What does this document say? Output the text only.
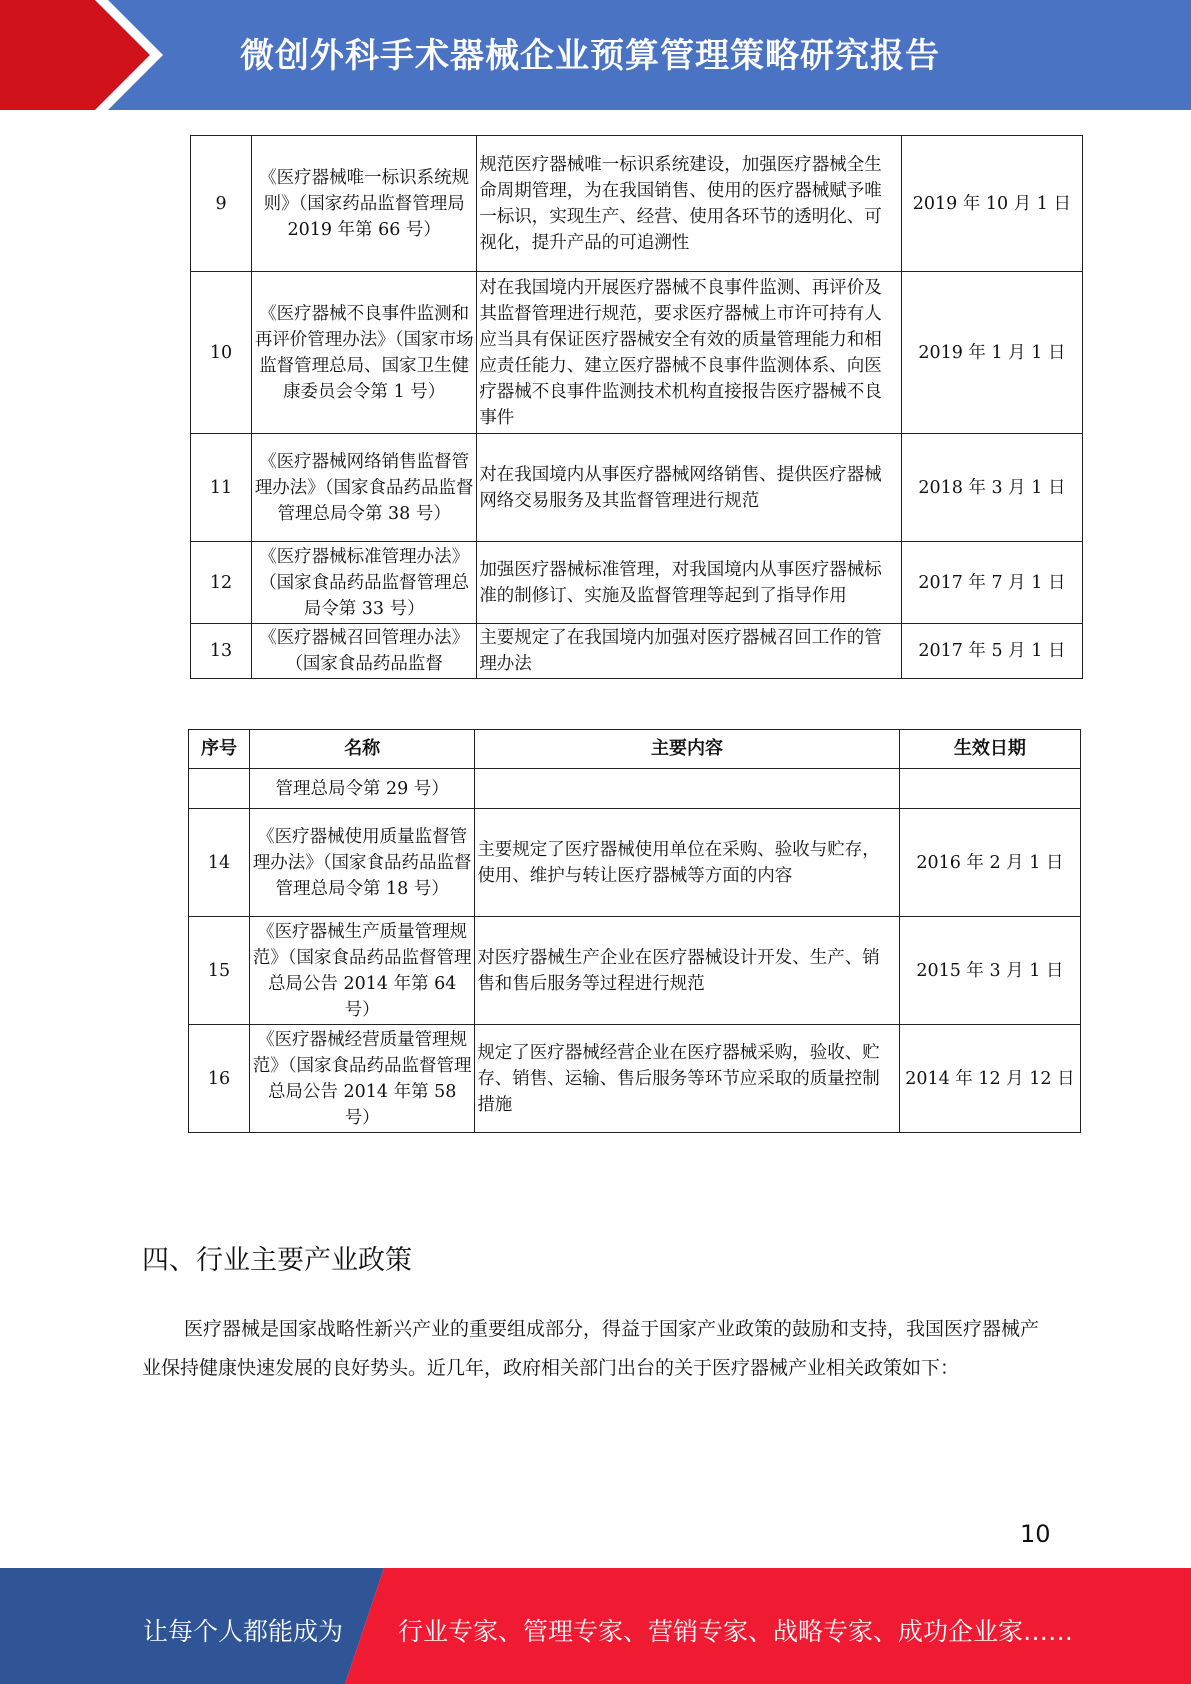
微创外科手术器械企业预算管理策略研究报告
9	《医疗器械唯一标识系统规则》（国家药品监督管理局 2019 年第 66 号）	规范医疗器械唯一标识系统建设，加强医疗器械全生命周期管理，为在我国销售、使用的医疗器械赋予唯一标识，实现生产、经营、使用各环节的透明化、可视化，提升产品的可追溯性	2019 年 10 月 1 日
10	《医疗器械不良事件监测和再评价管理办法》（国家市场监督管理总局、国家卫生健康委员会令第 1 号）	对在我国境内开展医疗器械不良事件监测、再评价及其监督管理进行规范，要求医疗器械上市许可持有人应当具有保证医疗器械安全有效的质量管理能力和相应责任能力、建立医疗器械不良事件监测体系、向医疗器械不良事件监测技术机构直接报告医疗器械不良事件	2019 年 1 月 1 日
11	《医疗器械网络销售监督管理办法》（国家食品药品监督管理总局令第 38 号）	对在我国境内从事医疗器械网络销售、提供医疗器械网络交易服务及其监督管理进行规范	2018 年 3 月 1 日
12	《医疗器械标准管理办法》（国家食品药品监督管理总局令第 33 号）	加强医疗器械标准管理，对我国境内从事医疗器械标准的制修订、实施及监督管理等起到了指导作用	2017 年 7 月 1 日
13	《医疗器械召回管理办法》（国家食品药品监督	主要规定了在我国境内加强对医疗器械召回工作的管理办法	2017 年 5 月 1 日
序号	名称	主要内容	生效日期
	管理总局令第 29 号）		
14	《医疗器械使用质量监督管理办法》（国家食品药品监督管理总局令第 18 号）	主要规定了医疗器械使用单位在采购、验收与贮存，使用、维护与转让医疗器械等方面的内容	2016 年 2 月 1 日
15	《医疗器械生产质量管理规范》（国家食品药品监督管理总局公告 2014 年第 64 号）	对医疗器械生产企业在医疗器械设计开发、生产、销售和售后服务等过程进行规范	2015 年 3 月 1 日
16	《医疗器械经营质量管理规范》（国家食品药品监督管理总局公告 2014 年第 58 号）	规定了医疗器械经营企业在医疗器械采购，验收、贮存、销售、运输、售后服务等环节应采取的质量控制措施	2014 年 12 月 12 日
四、行业主要产业政策

医疗器械是国家战略性新兴产业的重要组成部分，得益于国家产业政策的鼓励和支持，我国医疗器械产业保持健康快速发展的良好势头。近几年，政府相关部门出台的关于医疗器械产业相关政策如下：

10
让每个人都能成为 行业专家、管理专家、营销专家、战略专家、成功企业家……
